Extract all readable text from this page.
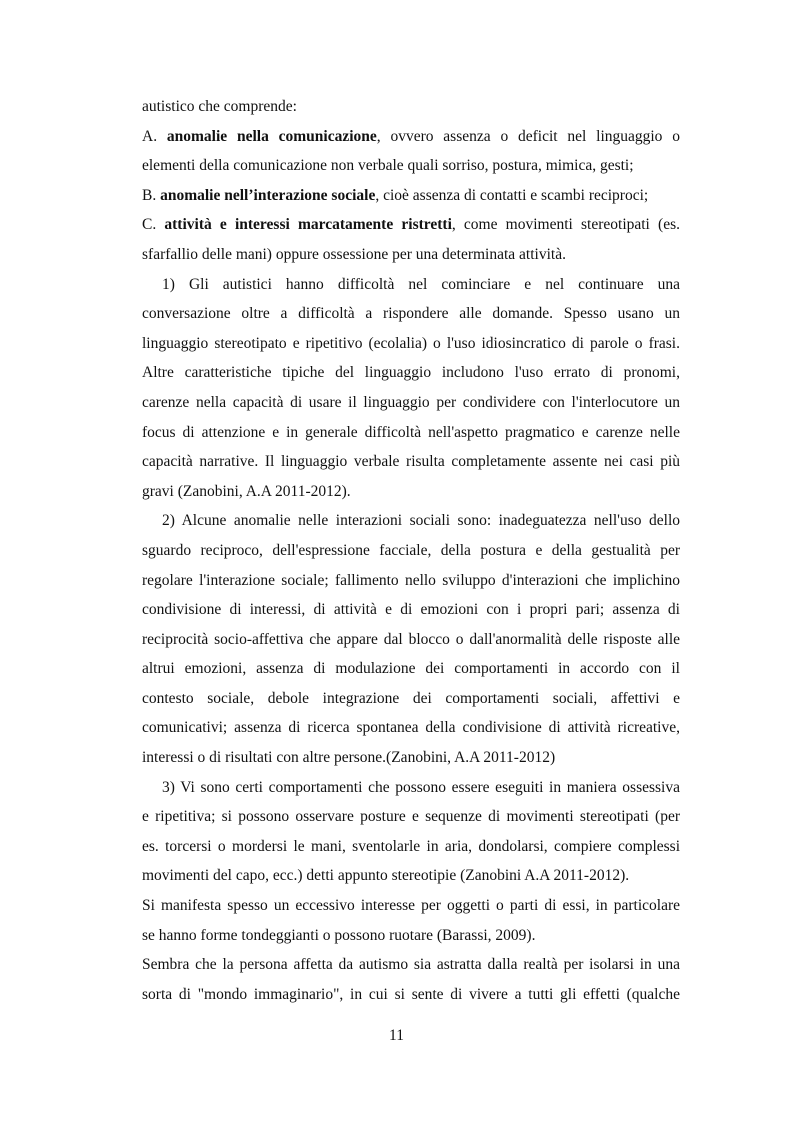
autistico che comprende:
A. anomalie nella comunicazione, ovvero assenza o deficit nel linguaggio o
elementi della comunicazione non verbale quali sorriso, postura, mimica, gesti;
B. anomalie nell’interazione sociale, cioè assenza di contatti e scambi reciproci;
C. attività e interessi marcatamente ristretti, come movimenti stereotipati (es.
sfarfallio delle mani) oppure ossessione per una determinata attività.
1) Gli autistici hanno difficoltà nel cominciare e nel continuare una
conversazione oltre a difficoltà a rispondere alle domande. Spesso usano un
linguaggio stereotipato e ripetitivo (ecolalia) o l'uso idiosincratico di parole o frasi.
Altre caratteristiche tipiche del linguaggio includono l'uso errato di pronomi,
carenze nella capacità di usare il linguaggio per condividere con l'interlocutore un
focus di attenzione e in generale difficoltà nell'aspetto pragmatico e carenze nelle
capacità narrative. Il linguaggio verbale risulta completamente assente nei casi più
gravi (Zanobini, A.A 2011-2012).
2) Alcune anomalie nelle interazioni sociali sono: inadeguatezza nell'uso dello
sguardo reciproco, dell'espressione facciale, della postura e della gestualità per
regolare l'interazione sociale; fallimento nello sviluppo d'interazioni che implichino
condivisione di interessi, di attività e di emozioni con i propri pari; assenza di
reciprocità socio-affettiva che appare dal blocco o dall'anormalità delle risposte alle
altrui emozioni, assenza di modulazione dei comportamenti in accordo con il
contesto sociale, debole integrazione dei comportamenti sociali, affettivi e
comunicativi; assenza di ricerca spontanea della condivisione di attività ricreative,
interessi o di risultati con altre persone.(Zanobini, A.A 2011-2012)
3) Vi sono certi comportamenti che possono essere eseguiti in maniera ossessiva
e ripetitiva; si possono osservare posture e sequenze di movimenti stereotipati (per
es. torcersi o mordersi le mani, sventolarle in aria, dondolarsi, compiere complessi
movimenti del capo, ecc.) detti appunto stereotipie (Zanobini A.A 2011-2012).
Si manifesta spesso un eccessivo interesse per oggetti o parti di essi, in particolare
se hanno forme tondeggianti o possono ruotare (Barassi, 2009).
Sembra che la persona affetta da autismo sia astratta dalla realtà per isolarsi in una
sorta di "mondo immaginario", in cui si sente di vivere a tutti gli effetti (qualche
11
